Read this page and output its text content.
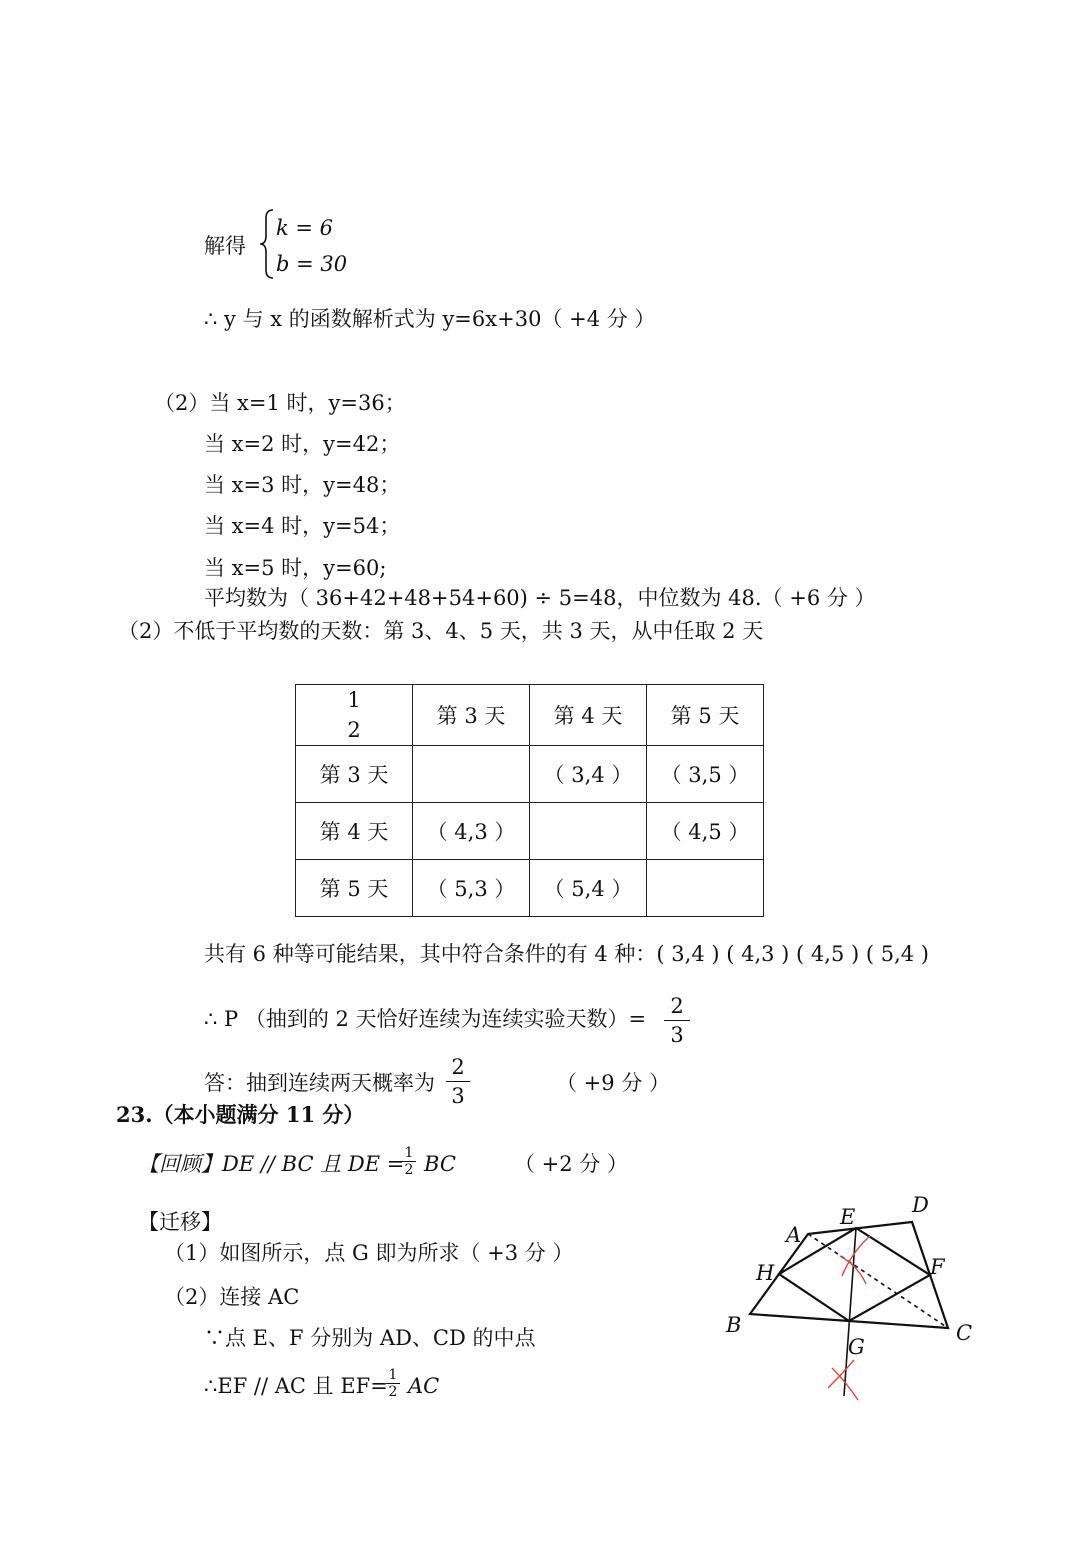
解得
k = 6
b = 30
∴ y 与 x 的函数解析式为 y=6x+30（ +4 分 ）
（2）当 x=1 时，y=36；
当 x=2 时，y=42；
当 x=3 时，y=48；
当 x=4 时，y=54；
当 x=5 时，y=60;
平均数为（ 36+42+48+54+60) ÷ 5=48，中位数为 48.（ +6 分 ）
（2）不低于平均数的天数：第 3、4、5 天，共 3 天，从中任取 2 天
1
2	第 3 天	第 4 天	第 5 天
第 3 天		（ 3,4 ）	（ 3,5 ）
第 4 天	（ 4,3 ）		（ 4,5 ）
第 5 天	（ 5,3 ）	（ 5,4 ）	
共有 6 种等可能结果，其中符合条件的有 4 种：( 3,4 ) ( 4,3 ) ( 4,5 ) ( 5,4 )
∴ P （抽到的 2 天恰好连续为连续实验天数）=
2
3
答：抽到连续两天概率为
2
3
（ +9 分 ）
23.（本小题满分 11 分）
【回顾】DE // BC 且 DE = 1
2 BC	（ +2 分 ）
【迁移】
（1）如图所示，点 G 即为所求（ +3 分 ）
（2）连接 AC
∵点 E、F 分别为 AD、CD 的中点
∴EF // AC 且 EF= 1
2 AC
A
E	D
F
H
B	C
G
